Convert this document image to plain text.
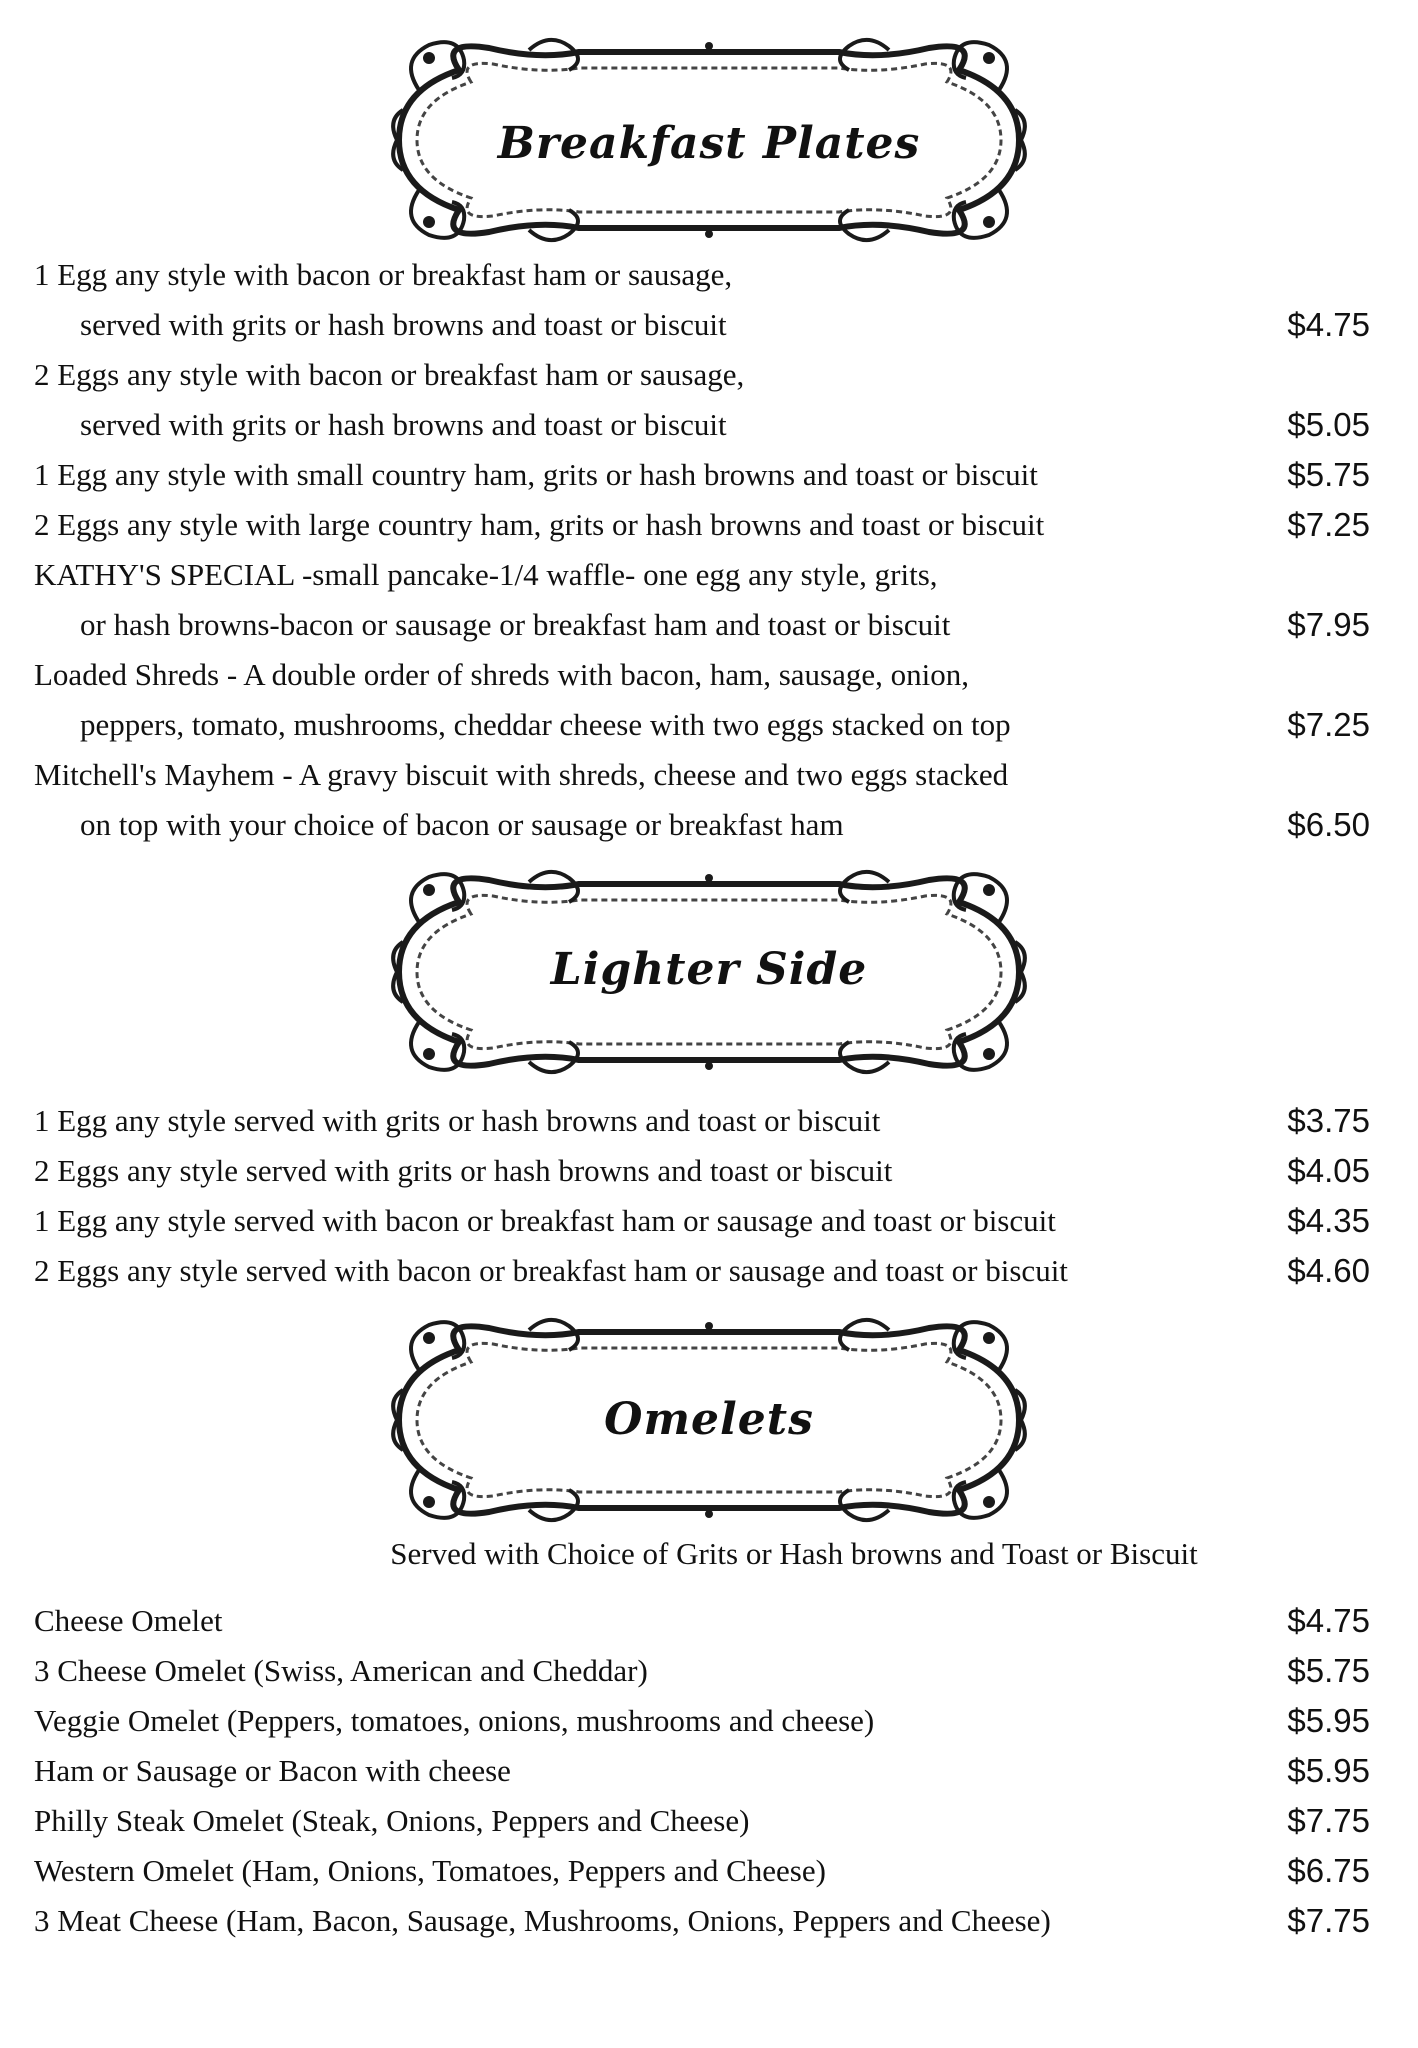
Breakfast Plates
1 Egg any style with bacon or breakfast ham or sausage,
served with grits or hash browns and toast or biscuit	$4.75
2 Eggs any style with bacon or breakfast ham or sausage,
served with grits or hash browns and toast or biscuit	$5.05
1 Egg any style with small country ham, grits or hash browns and toast or biscuit	$5.75
2 Eggs any style with large country ham, grits or hash browns and toast or biscuit	$7.25
KATHY'S SPECIAL -small pancake-1/4 waffle- one egg any style, grits,
or hash browns-bacon or sausage or breakfast ham and toast or biscuit	$7.95
Loaded Shreds - A double order of shreds with bacon, ham, sausage, onion,
peppers, tomato, mushrooms, cheddar cheese with two eggs stacked on top	$7.25
Mitchell's Mayhem - A gravy biscuit with shreds, cheese and two eggs stacked
on top with your choice of bacon or sausage or breakfast ham	$6.50
Lighter Side
1 Egg any style served with grits or hash browns and toast or biscuit	$3.75
2 Eggs any style served with grits or hash browns and toast or biscuit	$4.05
1 Egg any style served with bacon or breakfast ham or sausage and toast or biscuit	$4.35
2 Eggs any style served with bacon or breakfast ham or sausage and toast or biscuit	$4.60
Omelets
Served with Choice of Grits or Hash browns and Toast or Biscuit
Cheese Omelet	$4.75
3 Cheese Omelet (Swiss, American and Cheddar)	$5.75
Veggie Omelet (Peppers, tomatoes, onions, mushrooms and cheese)	$5.95
Ham or Sausage or Bacon with cheese	$5.95
Philly Steak Omelet (Steak, Onions, Peppers and Cheese)	$7.75
Western Omelet (Ham, Onions, Tomatoes, Peppers and Cheese)	$6.75
3 Meat Cheese (Ham, Bacon, Sausage, Mushrooms, Onions, Peppers and Cheese)	$7.75
